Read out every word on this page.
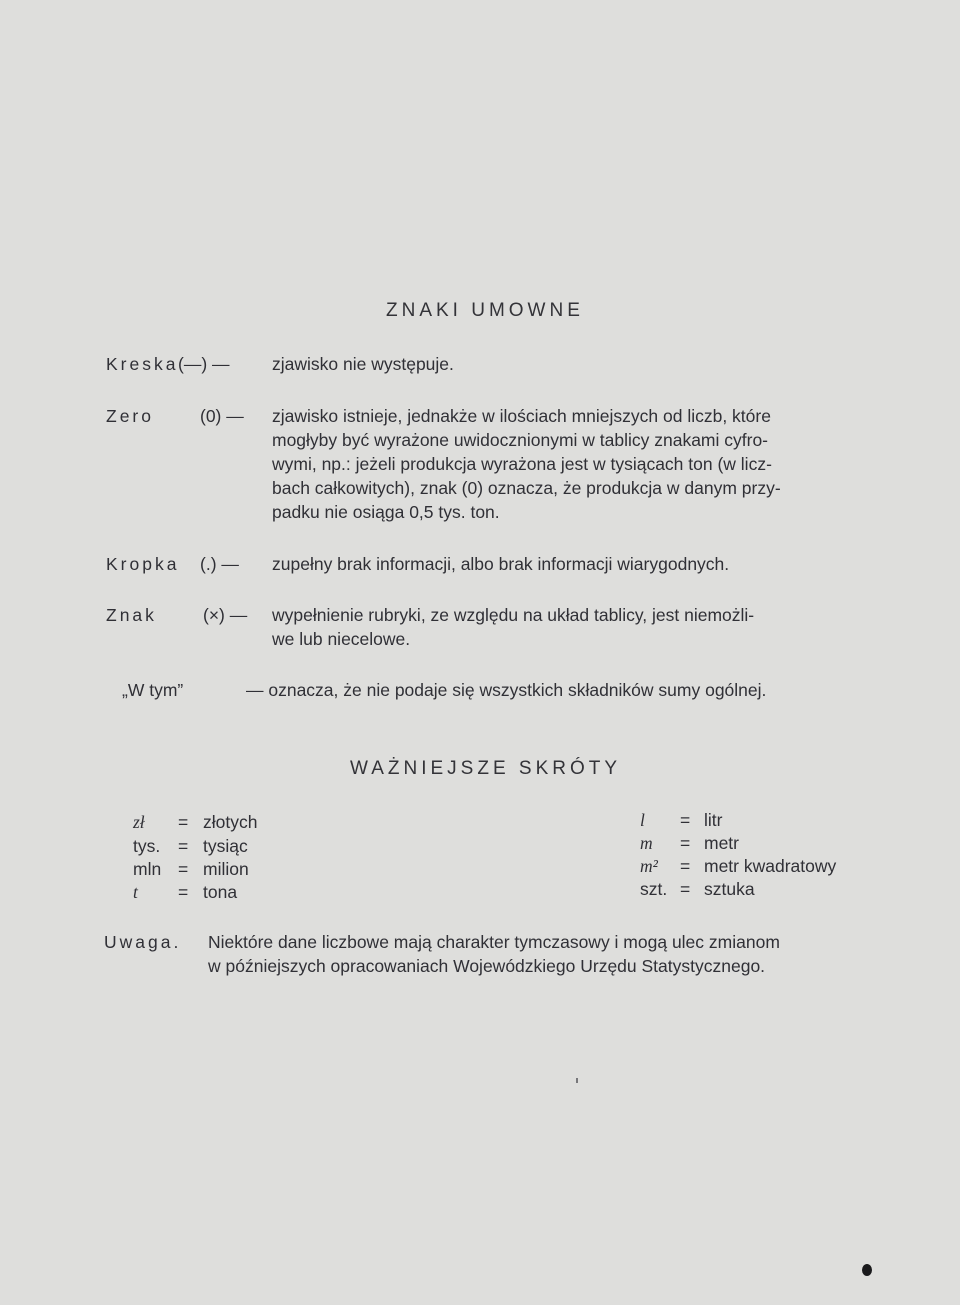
ZNAKI UMOWNE
Kreska (—) — zjawisko nie występuje.
Zero	(0) — zjawisko istnieje, jednakże w ilościach mniejszych od liczb, które
mogłyby być wyrażone uwidocznionymi w tablicy znakami cyfro-
wymi, np.: jeżeli produkcja wyrażona jest w tysiącach ton (w licz-
bach całkowitych), znak (0) oznacza, że produkcja w danym przy-
padku nie osiąga 0,5 tys. ton.
Kropka (.) — zupełny brak informacji, albo brak informacji wiarygodnych.
Znak	(×) — wypełnienie rubryki, ze względu na układ tablicy, jest niemożli-
we lub niecelowe.
„W tym”	— oznacza, że nie podaje się wszystkich składników sumy ogólnej.
WAŻNIEJSZE SKRÓTY
zł = złotych
tys. = tysiąc
mln = milion
t = tona
l = litr
m = metr
m² = metr kwadratowy
szt. = sztuka
Uwaga. Niektóre dane liczbowe mają charakter tymczasowy i mogą ulec zmianom
w późniejszych opracowaniach Wojewódzkiego Urzędu Statystycznego.
